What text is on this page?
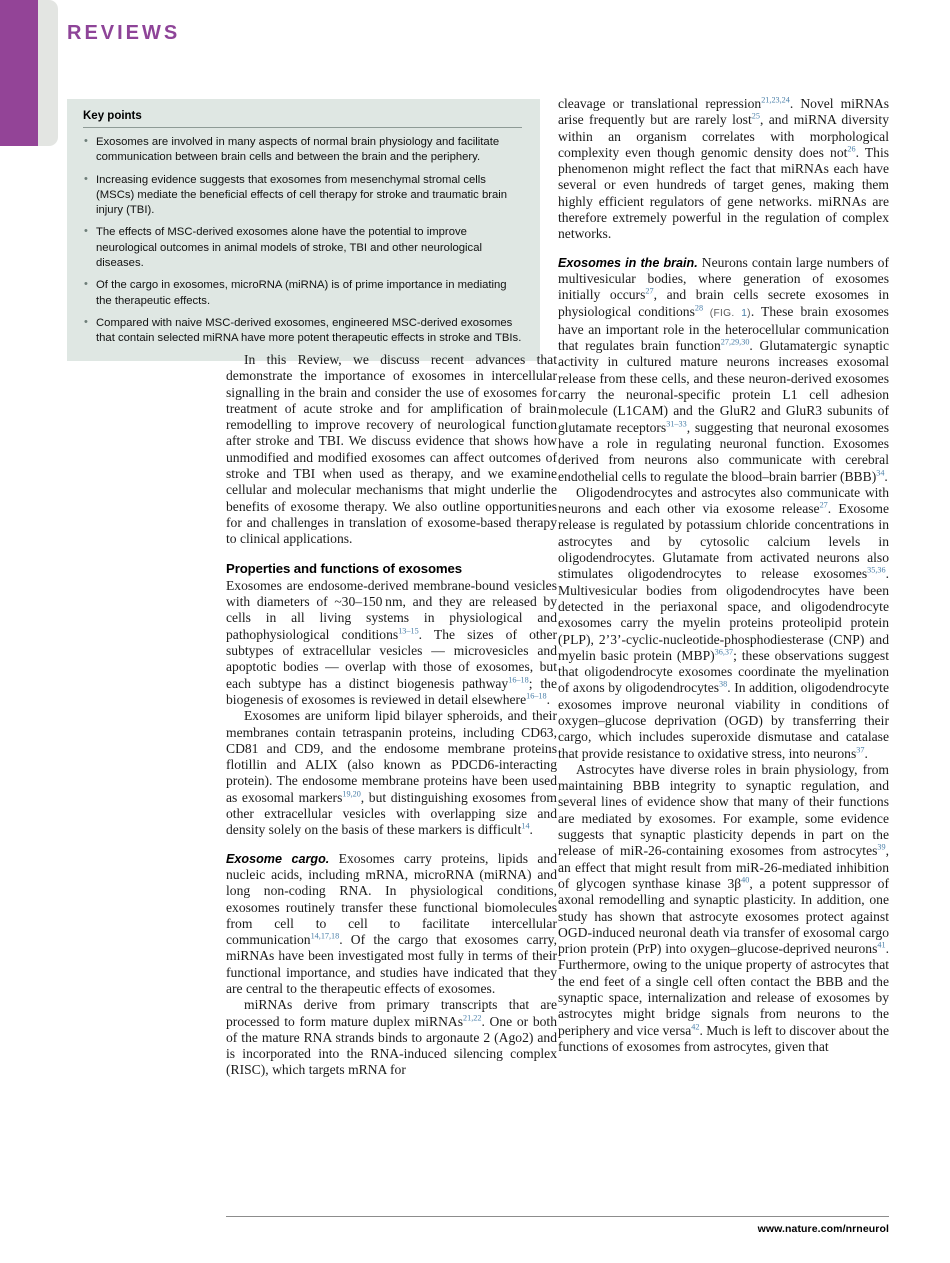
REVIEWS
Key points
• Exosomes are involved in many aspects of normal brain physiology and facilitate communication between brain cells and between the brain and the periphery.
• Increasing evidence suggests that exosomes from mesenchymal stromal cells (MSCs) mediate the beneficial effects of cell therapy for stroke and traumatic brain injury (TBI).
• The effects of MSC-derived exosomes alone have the potential to improve neurological outcomes in animal models of stroke, TBI and other neurological diseases.
• Of the cargo in exosomes, microRNA (miRNA) is of prime importance in mediating the therapeutic effects.
• Compared with naive MSC-derived exosomes, engineered MSC-derived exosomes that contain selected miRNA have more potent therapeutic effects in stroke and TBIs.

In this Review, we discuss recent advances that demonstrate the importance of exosomes in intercellular signalling in the brain and consider the use of exosomes for treatment of acute stroke and for amplification of brain remodelling to improve recovery of neurological function after stroke and TBI. We discuss evidence that shows how unmodified and modified exosomes can affect outcomes of stroke and TBI when used as therapy, and we examine cellular and molecular mechanisms that might underlie the benefits of exosome therapy. We also outline opportunities for and challenges in translation of exosome-based therapy to clinical applications.

Properties and functions of exosomes

Exosomes are endosome-derived membrane-bound vesicles with diameters of ~30–150 nm, and they are released by cells in all living systems in physiological and pathophysiological conditions$^{13-15}$. The sizes of other subtypes of extracellular vesicles — microvesicles and apoptotic bodies — overlap with those of exosomes, but each subtype has a distinct biogenesis pathway$^{16-18}$; the biogenesis of exosomes is reviewed in detail elsewhere$^{16-18}$.

Exosomes are uniform lipid bilayer spheroids, and their membranes contain tetraspanin proteins, including CD63, CD81 and CD9, and the endosome membrane proteins flotillin and ALIX (also known as PDCD6-interacting protein). The endosome membrane proteins have been used as exosomal markers$^{19,20}$, but distinguishing exosomes from other extracellular vesicles with overlapping size and density solely on the basis of these markers is difficult$^{14}$.

Exosome cargo. Exosomes carry proteins, lipids and nucleic acids, including mRNA, microRNA (miRNA) and long non-coding RNA. In physiological conditions, exosomes routinely transfer these functional biomolecules from cell to cell to facilitate intercellular communication$^{14,17,18}$. Of the cargo that exosomes carry, miRNAs have been investigated most fully in terms of their functional importance, and studies have indicated that they are central to the therapeutic effects of exosomes.

miRNAs derive from primary transcripts that are processed to form mature duplex miRNAs$^{21,22}$. One or both of the mature RNA strands binds to argonaute 2 (Ago2) and is incorporated into the RNA-induced silencing complex (RISC), which targets mRNA for

cleavage or translational repression$^{21,23,24}$. Novel miRNAs arise frequently but are rarely lost$^{25}$, and miRNA diversity within an organism correlates with morphological complexity even though genomic density does not$^{26}$. This phenomenon might reflect the fact that miRNAs each have several or even hundreds of target genes, making them highly efficient regulators of gene networks. miRNAs are therefore extremely powerful in the regulation of complex networks.

Exosomes in the brain. Neurons contain large numbers of multivesicular bodies, where generation of exosomes initially occurs$^{27}$, and brain cells secrete exosomes in physiological conditions$^{28}$ (FIG. 1). These brain exosomes have an important role in the heterocellular communication that regulates brain function$^{27,29,30}$. Glutamatergic synaptic activity in cultured mature neurons increases exosomal release from these cells, and these neuron-derived exosomes carry the neuronal-specific protein L1 cell adhesion molecule (L1CAM) and the GluR2 and GluR3 subunits of glutamate receptors$^{31-33}$, suggesting that neuronal exosomes have a role in regulating neuronal function. Exosomes derived from neurons also communicate with cerebral endothelial cells to regulate the blood–brain barrier (BBB)$^{34}$.

Oligodendrocytes and astrocytes also communicate with neurons and each other via exosome release$^{27}$. Exosome release is regulated by potassium chloride concentrations in astrocytes and by cytosolic calcium levels in oligodendrocytes. Glutamate from activated neurons also stimulates oligodendrocytes to release exosomes$^{35,36}$. Multivesicular bodies from oligodendrocytes have been detected in the periaxonal space, and oligodendrocyte exosomes carry the myelin proteins proteolipid protein (PLP), 2’3’-cyclic-nucleotide-phosphodiesterase (CNP) and myelin basic protein (MBP)$^{36,37}$; these observations suggest that oligodendrocyte exosomes coordinate the myelination of axons by oligodendrocytes$^{38}$. In addition, oligodendrocyte exosomes improve neuronal viability in conditions of oxygen–glucose deprivation (OGD) by transferring their cargo, which includes superoxide dismutase and catalase that provide resistance to oxidative stress, into neurons$^{37}$.

Astrocytes have diverse roles in brain physiology, from maintaining BBB integrity to synaptic regulation, and several lines of evidence show that many of their functions are mediated by exosomes. For example, some evidence suggests that synaptic plasticity depends in part on the release of miR-26-containing exosomes from astrocytes$^{39}$, an effect that might result from miR-26-mediated inhibition of glycogen synthase kinase 3β$^{40}$, a potent suppressor of axonal remodelling and synaptic plasticity. In addition, one study has shown that astrocyte exosomes protect against OGD-induced neuronal death via transfer of exosomal cargo prion protein (PrP) into oxygen–glucose-deprived neurons$^{41}$. Furthermore, owing to the unique property of astrocytes that the end feet of a single cell often contact the BBB and the synaptic space, internalization and release of exosomes by astrocytes might bridge signals from neurons to the periphery and vice versa$^{42}$. Much is left to discover about the functions of exosomes from astrocytes, given that

www.nature.com/nrneurol
